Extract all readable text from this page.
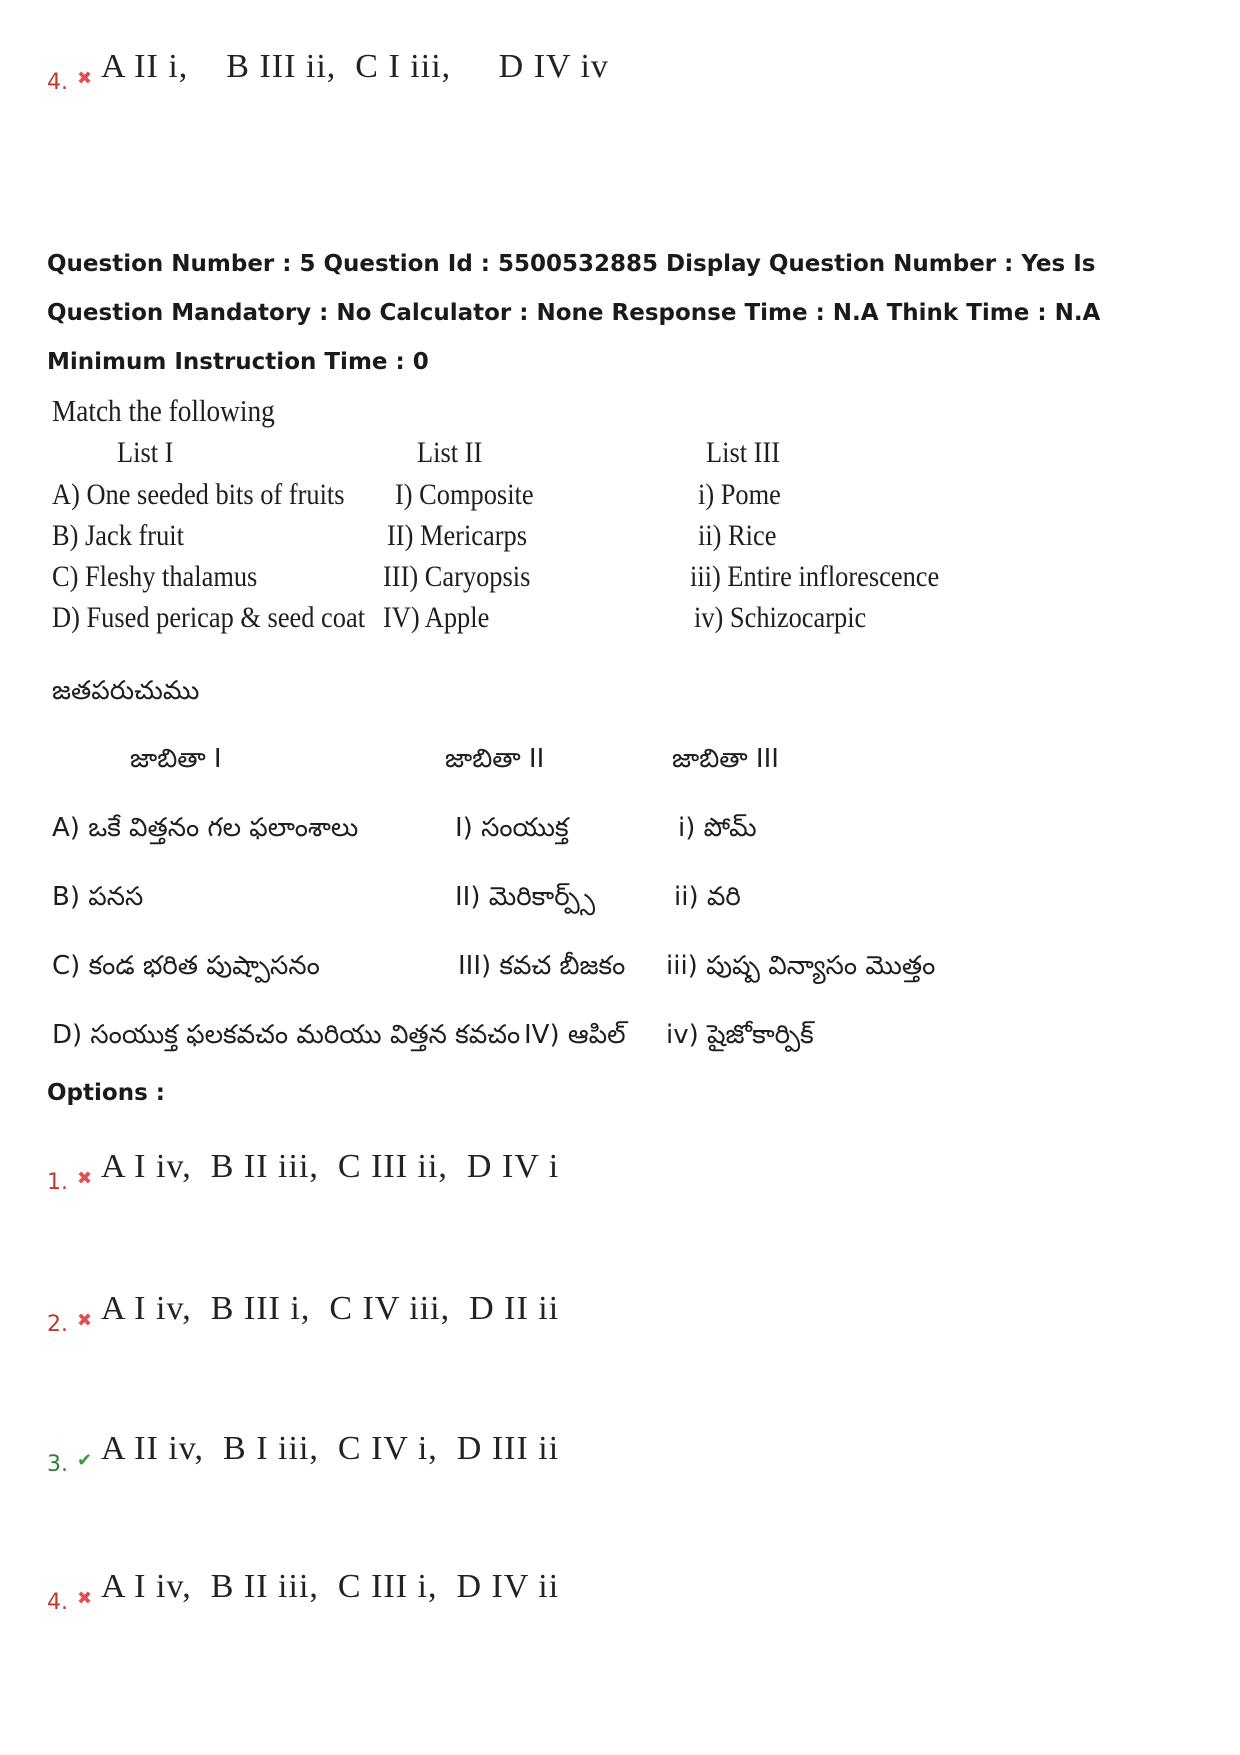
4. ✖ A II i,    B III ii,  C I iii,     D IV iv
Question Number : 5 Question Id : 5500532885 Display Question Number : Yes Is Question Mandatory : No Calculator : None Response Time : N.A Think Time : N.A Minimum Instruction Time : 0
Match the following
List I	List II	List III
A) One seeded bits of fruits I) Composite	i) Pome
B) Jack fruit	II) Mericarps	ii) Rice
C) Fleshy thalamus	III) Caryopsis	iii) Entire inflorescence
D) Fused pericap & seed coat IV) Apple	iv) Schizocarpic
జతపరుచుము
జాబితా I	జాబితా II	జాబితా III
A) ఒకే విత్తనం గల ఫలాంశాలు	I) సంయుక్త	i) పోమ్
B) పనస	II) మెరికార్ప్స్	ii) వరి
C) కండ భరిత పుష్పాసనం	III) కవచ బీజకం iii) పుష్ప విన్యాసం మొత్తం
D) సంయుక్త ఫలకవచం మరియు విత్తన కవచం IV) ఆపిల్ iv) షైజోకార్పిక్
Options :
1. ✖ A I iv,  B II iii,  C III ii,  D IV i
2. ✖ A I iv,  B III i,  C IV iii,  D II ii
3. ✔ A II iv,  B I iii,  C IV i,  D III ii
4. ✖ A I iv,  B II iii,  C III i,  D IV ii
